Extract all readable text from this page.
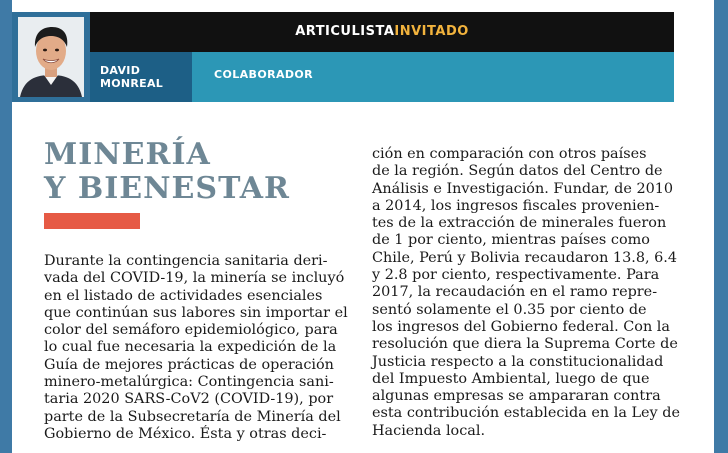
ARTICULISTAINVITADO
DAVID
MONREAL
COLABORADOR
MINERÍA
Y BIENESTAR
Durante la contingencia sanitaria deri-
vada del COVID-19, la minería se incluyó
en el listado de actividades esenciales
que continúan sus labores sin importar el
color del semáforo epidemiológico, para
lo cual fue necesaria la expedición de la
Guía de mejores prácticas de operación
minero-metalúrgica: Contingencia sani-
taria 2020 SARS-CoV2 (COVID-19), por
parte de la Subsecretaría de Minería del
Gobierno de México. Ésta y otras deci-
ción en comparación con otros países
de la región. Según datos del Centro de
Análisis e Investigación. Fundar, de 2010
a 2014, los ingresos fiscales provenien-
tes de la extracción de minerales fueron
de 1 por ciento, mientras países como
Chile, Perú y Bolivia recaudaron 13.8, 6.4
y 2.8 por ciento, respectivamente. Para
2017, la recaudación en el ramo repre-
sentó solamente el 0.35 por ciento de
los ingresos del Gobierno federal. Con la
resolución que diera la Suprema Corte de
Justicia respecto a la constitucionalidad
del Impuesto Ambiental, luego de que
algunas empresas se ampararan contra
esta contribución establecida en la Ley de
Hacienda local.
